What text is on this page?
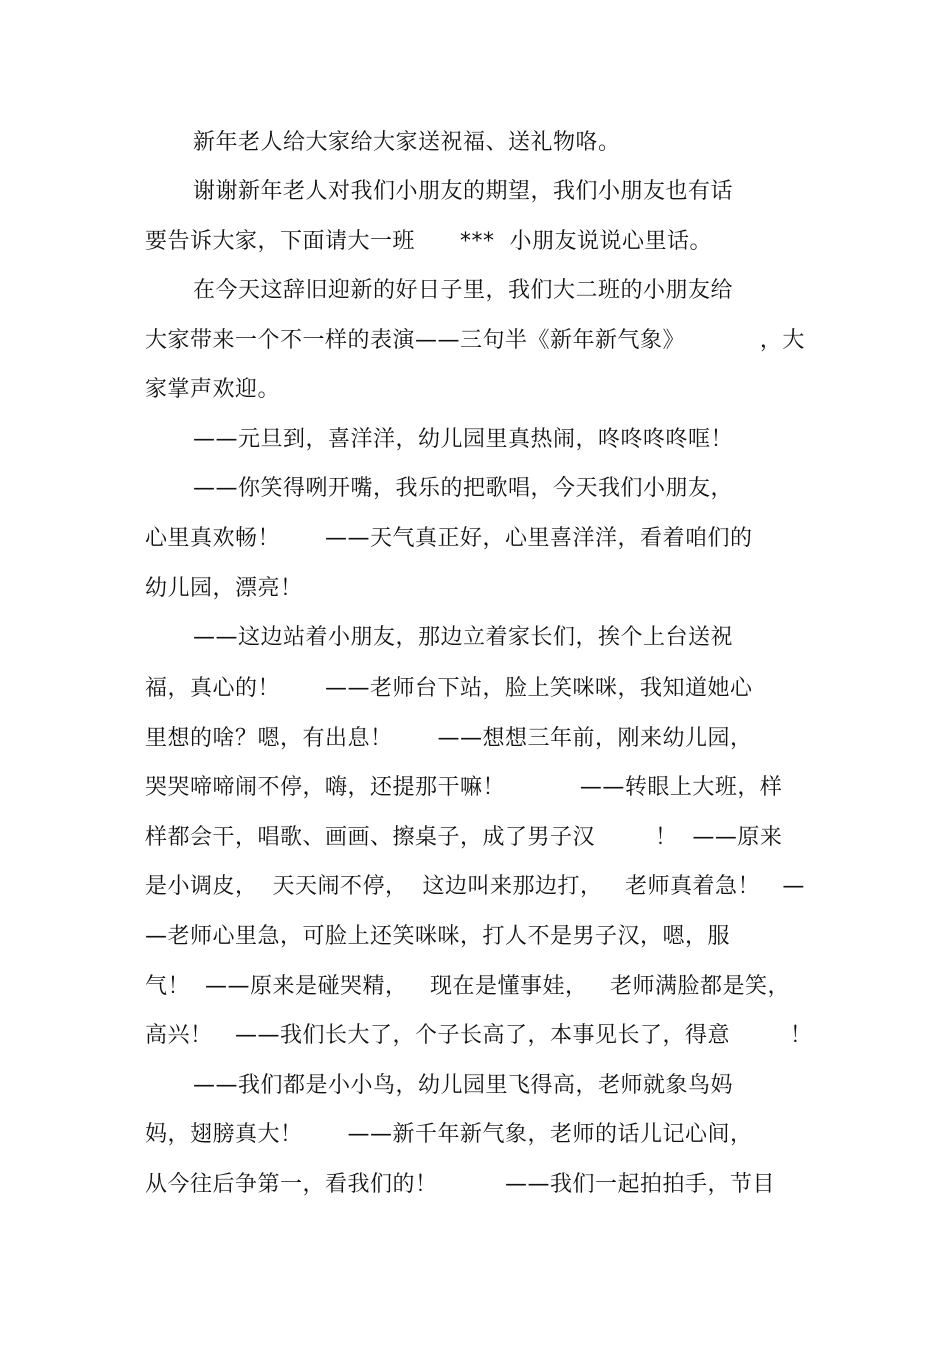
新年老人给大家给大家送祝福、送礼物咯。
谢谢新年老人对我们小朋友的期望，我们小朋友也有话
要告诉大家，下面请大一班      ***  小朋友说说心里话。
在今天这辞旧迎新的好日子里，我们大二班的小朋友给
大家带来一个不一样的表演——三句半《新年新气象》          ，大
家掌声欢迎。
——元旦到，喜洋洋，幼儿园里真热闹，咚咚咚咚哐！
——你笑得咧开嘴，我乐的把歌唱，今天我们小朋友，
心里真欢畅！      ——天气真正好，心里喜洋洋，看着咱们的
幼儿园，漂亮！
——这边站着小朋友，那边立着家长们，挨个上台送祝
福，真心的！      ——老师台下站，脸上笑咪咪，我知道她心
里想的啥？嗯，有出息！      ——想想三年前，刚来幼儿园，
哭哭啼啼闹不停，嗨，还提那干嘛！          ——转眼上大班，样
样都会干，唱歌、画画、擦桌子，成了男子汉        ！  ——原来
是小调皮，  天天闹不停，  这边叫来那边打，   老师真着急！   —
—老师心里急，可脸上还笑咪咪，打人不是男子汉，嗯，服
气！  ——原来是碰哭精，   现在是懂事娃，   老师满脸都是笑，
高兴！   ——我们长大了，个子长高了，本事见长了，得意        ！
——我们都是小小鸟，幼儿园里飞得高，老师就象鸟妈
妈，翅膀真大！      ——新千年新气象，老师的话儿记心间，
从今往后争第一，看我们的！         ——我们一起拍拍手，节目
